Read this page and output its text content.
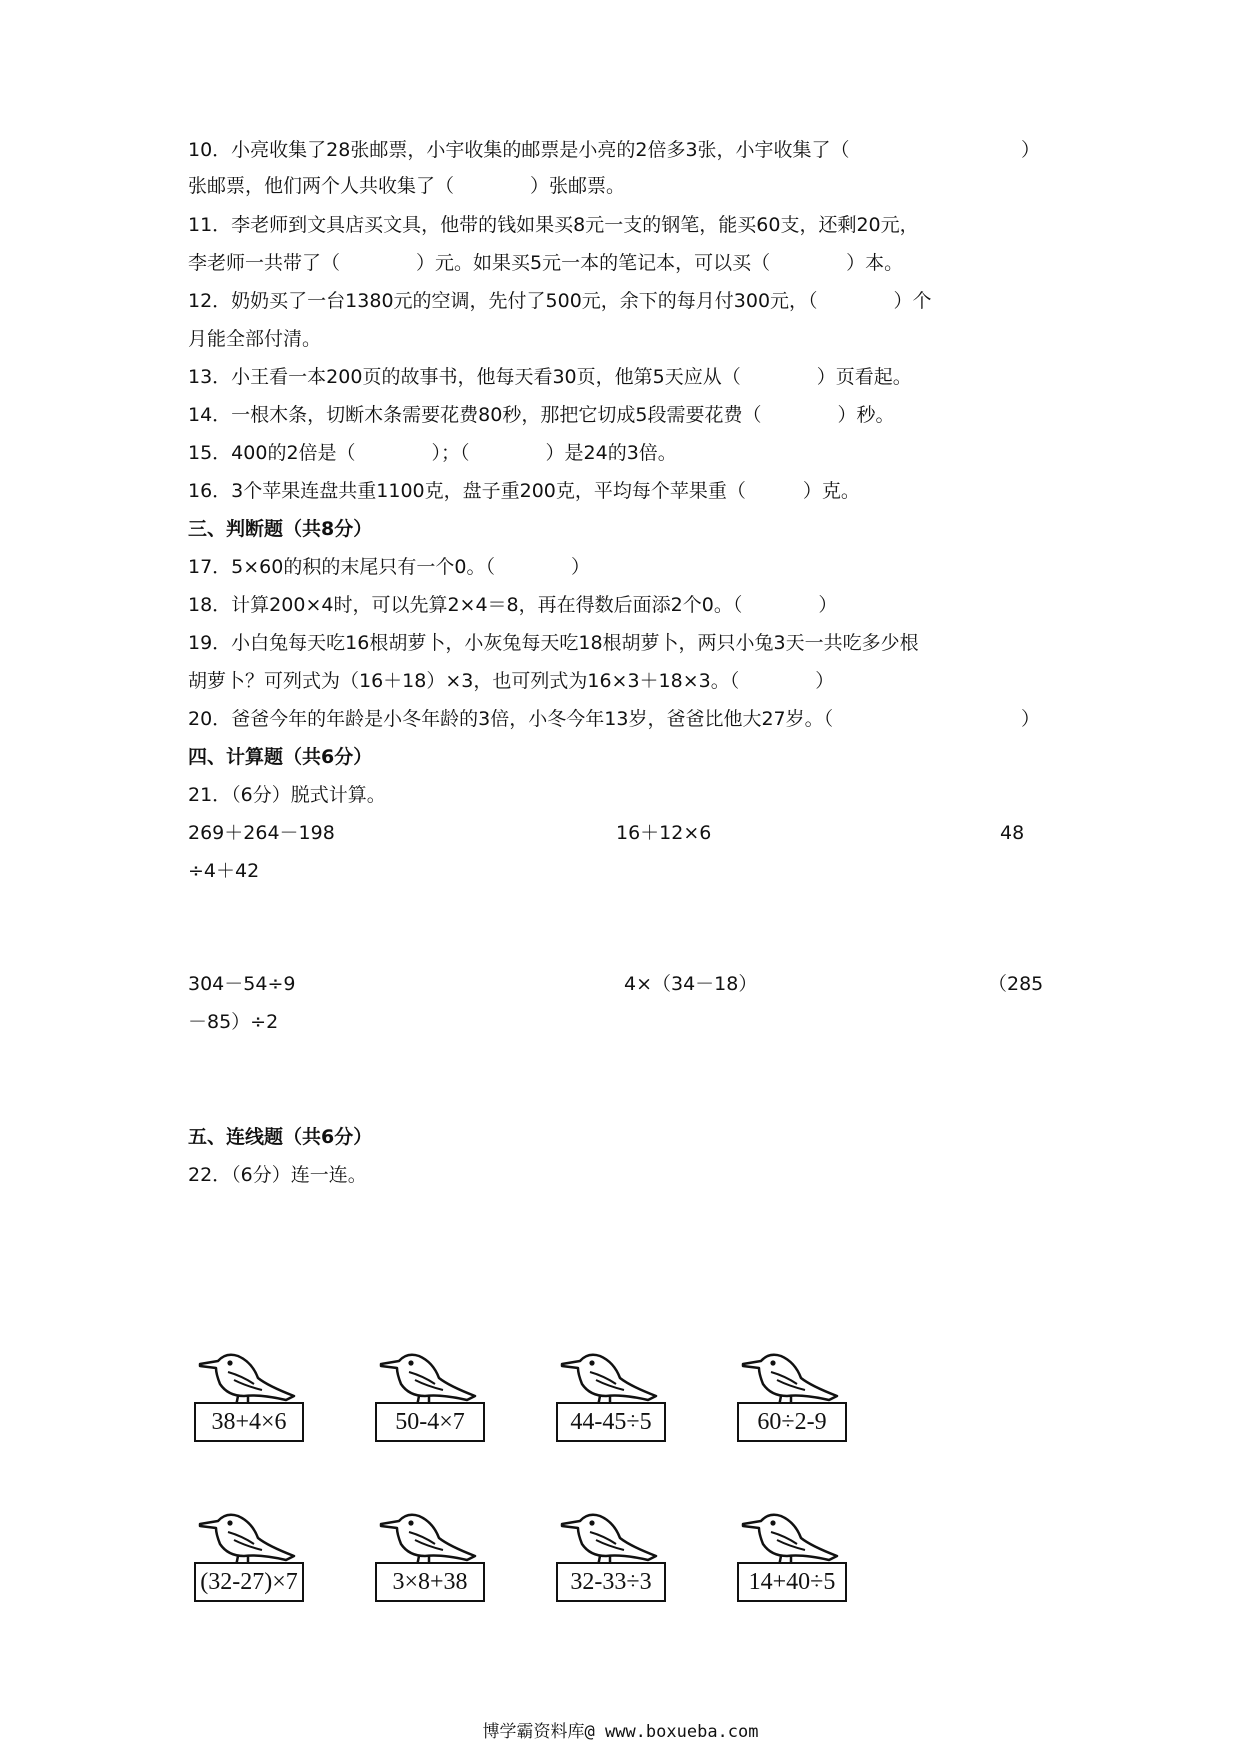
10．小亮收集了28张邮票，小宇收集的邮票是小亮的2倍多3张，小宇收集了（	）
张邮票，他们两个人共收集了（　　　　）张邮票。
11．李老师到文具店买文具，他带的钱如果买8元一支的钢笔，能买60支，还剩20元，
李老师一共带了（　　　　）元。如果买5元一本的笔记本，可以买（　　　　）本。
12．奶奶买了一台1380元的空调，先付了500元，余下的每月付300元，（　　　　）个
月能全部付清。
13．小王看一本200页的故事书，他每天看30页，他第5天应从（　　　　）页看起。
14．一根木条，切断木条需要花费80秒，那把它切成5段需要花费（　　　　）秒。
15．400的2倍是（　　　　）；（　　　　）是24的3倍。
16．3个苹果连盘共重1100克，盘子重200克，平均每个苹果重（　　　）克。
三、判断题（共8分）
17．5×60的积的末尾只有一个0。（　　　　）
18．计算200×4时，可以先算2×4＝8，再在得数后面添2个0。（　　　　）
19．小白兔每天吃16根胡萝卜，小灰兔每天吃18根胡萝卜，两只小兔3天一共吃多少根
胡萝卜？可列式为（16＋18）×3，也可列式为16×3＋18×3。（　　　　）
20．爸爸今年的年龄是小冬年龄的3倍，小冬今年13岁，爸爸比他大27岁。（	）
四、计算题（共6分）
21．（6分）脱式计算。
269＋264－198	16＋12×6	48
÷4＋42
304－54÷9	4×（34－18）	（285
－85）÷2
五、连线题（共6分）
22．（6分）连一连。
38+4×6	50-4×7	44-45÷5	60÷2-9
(32-27)×7	3×8+38	32-33÷3	14+40÷5
博学霸资料库@ www.boxueba.com
